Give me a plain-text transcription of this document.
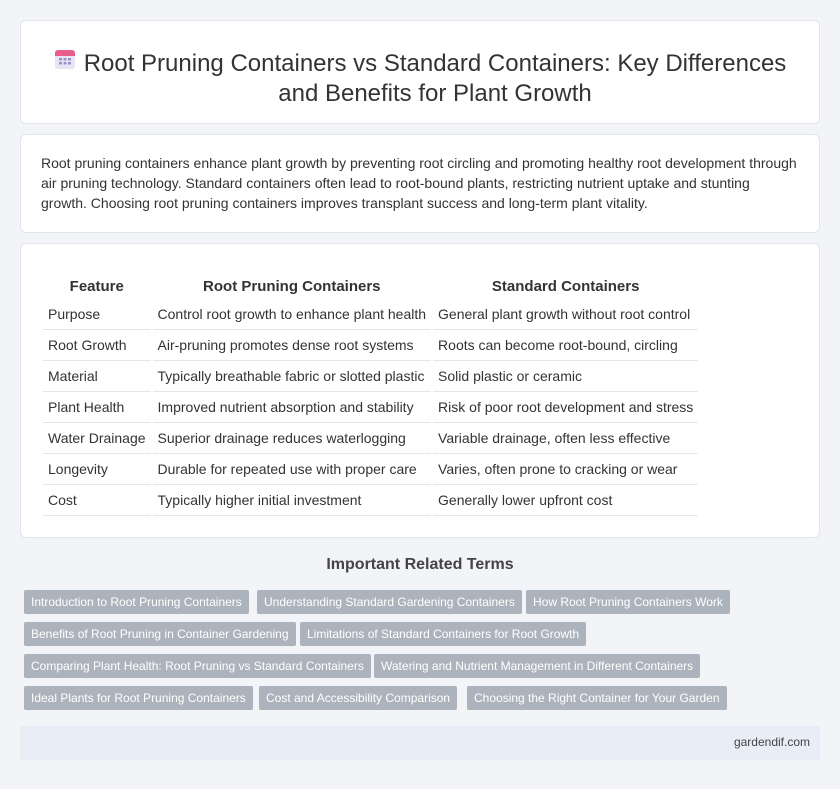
Root Pruning Containers vs Standard Containers: Key Differences and Benefits for Plant Growth

Root pruning containers enhance plant growth by preventing root circling and promoting healthy root development through air pruning technology. Standard containers often lead to root-bound plants, restricting nutrient uptake and stunting growth. Choosing root pruning containers improves transplant success and long-term plant vitality.

Feature	Root Pruning Containers	Standard Containers
Purpose	Control root growth to enhance plant health	General plant growth without root control
Root Growth	Air-pruning promotes dense root systems	Roots can become root-bound, circling
Material	Typically breathable fabric or slotted plastic	Solid plastic or ceramic
Plant Health	Improved nutrient absorption and stability	Risk of poor root development and stress
Water Drainage	Superior drainage reduces waterlogging	Variable drainage, often less effective
Longevity	Durable for repeated use with proper care	Varies, often prone to cracking or wear
Cost	Typically higher initial investment	Generally lower upfront cost
Important Related Terms
Introduction to Root Pruning Containers	Understanding Standard Gardening Containers	How Root Pruning Containers Work
Benefits of Root Pruning in Container Gardening	Limitations of Standard Containers for Root Growth
Comparing Plant Health: Root Pruning vs Standard Containers	Watering and Nutrient Management in Different Containers
Ideal Plants for Root Pruning Containers	Cost and Accessibility Comparison	Choosing the Right Container for Your Garden
gardendif.com
